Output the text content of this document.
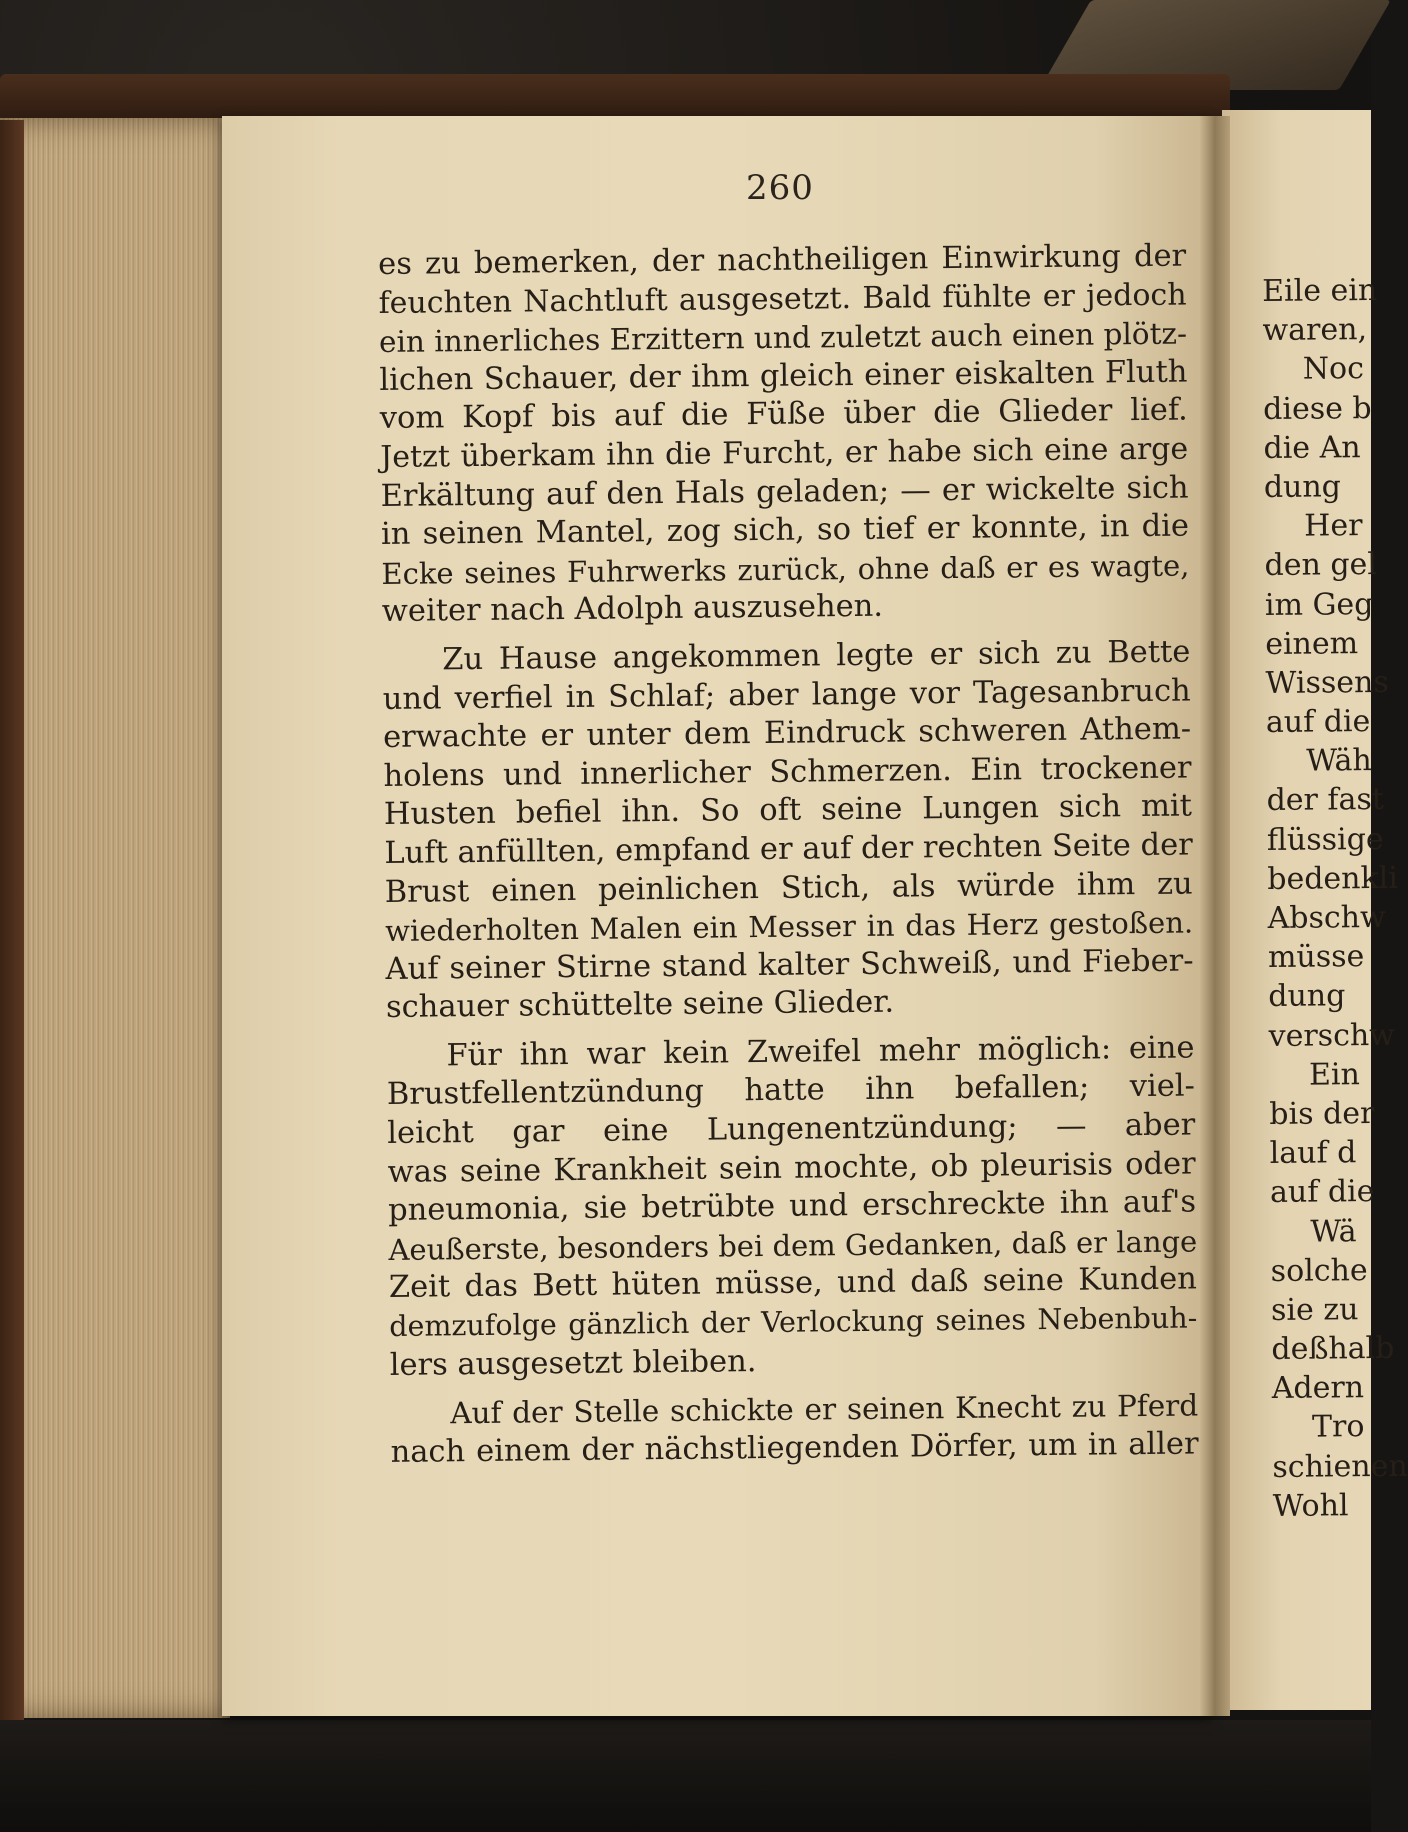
260
es zu bemerken, der nachtheiligen Einwirkung der
feuchten Nachtluft ausgesetzt. Bald fühlte er jedoch
ein innerliches Erzittern und zuletzt auch einen plötz-
lichen Schauer, der ihm gleich einer eiskalten Fluth
vom Kopf bis auf die Füße über die Glieder lief.
Jetzt überkam ihn die Furcht, er habe sich eine arge
Erkältung auf den Hals geladen; — er wickelte sich
in seinen Mantel, zog sich, so tief er konnte, in die
Ecke seines Fuhrwerks zurück, ohne daß er es wagte,
weiter nach Adolph auszusehen.
Zu Hause angekommen legte er sich zu Bette
und verfiel in Schlaf; aber lange vor Tagesanbruch
erwachte er unter dem Eindruck schweren Athem-
holens und innerlicher Schmerzen. Ein trockener
Husten befiel ihn. So oft seine Lungen sich mit
Luft anfüllten, empfand er auf der rechten Seite der
Brust einen peinlichen Stich, als würde ihm zu
wiederholten Malen ein Messer in das Herz gestoßen.
Auf seiner Stirne stand kalter Schweiß, und Fieber-
schauer schüttelte seine Glieder.
Für ihn war kein Zweifel mehr möglich: eine
Brustfellentzündung hatte ihn befallen; viel-
leicht gar eine Lungenentzündung; — aber
was seine Krankheit sein mochte, ob pleurisis oder
pneumonia, sie betrübte und erschreckte ihn auf's
Aeußerste, besonders bei dem Gedanken, daß er lange
Zeit das Bett hüten müsse, und daß seine Kunden
demzufolge gänzlich der Verlockung seines Nebenbuh-
lers ausgesetzt bleiben.
Auf der Stelle schickte er seinen Knecht zu Pferd
nach einem der nächstliegenden Dörfer, um in aller
Eile ein
waren,
Noc
diese b
die An
dung
Her
den gel
im Geg
einem
Wissens
auf die
Wäh
der fast
flüssige
bedenkli
Abschw
müsse
dung
verschw
Ein
bis der
lauf d
auf die
Wä
solche
sie zu
deßhalb
Adern
Tro
schienen
Wohl
